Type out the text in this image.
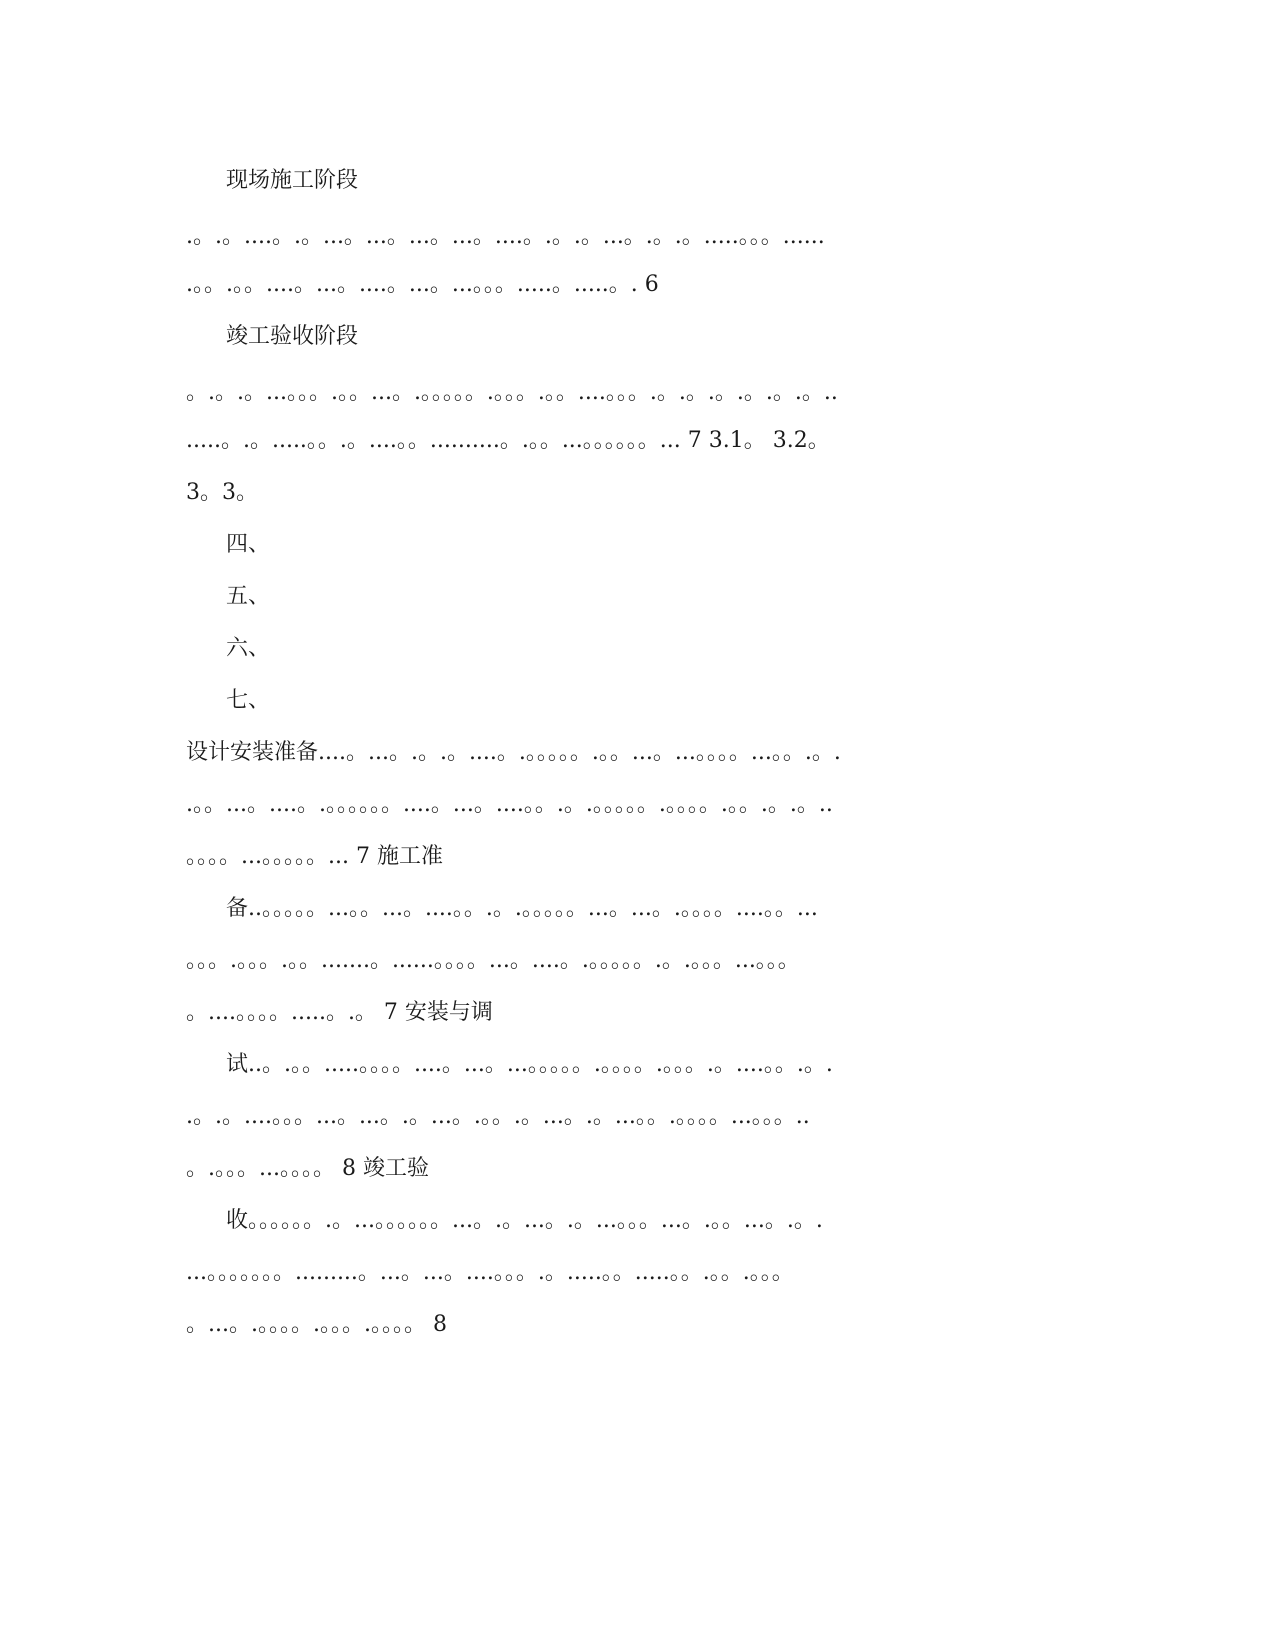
现场施工阶段
.。.。....。.。...。...。...。...。....。.。.。...。.。.。.....。。。......
.。。.。。....。...。....。...。...。。。.....。.....。. 6
竣工验收阶段
。.。.。...。。。.。。...。.。。。。。.。。。.。。....。。。.。.。.。.。.。.。..
.....。.。.....。。.。....。。..........。.。。...。。。。。。... 7 3.1。 3.2。
3。3。
四、
五、
六、
七、
设计安装准备....。...。.。.。....。.。。。。。.。。...。...。。。。...。。.。.
.。。...。....。.。。。。。。....。...。....。。.。.。。。。。.。。。。.。。.。.。..
。。。。...。。。。。... 7 施工准
备..。。。。。...。。...。....。。.。.。。。。。...。...。.。。。。....。。...
。。。.。。。.。。.......。......。。。。...。....。.。。。。。.。.。。。...。。。
。....。。。。.....。.。 7 安装与调
试..。.。。.....。。。。....。...。...。。。。。.。。。。.。。。.。....。。.。.
.。.。....。。。...。...。.。...。.。。.。...。.。...。。.。。。。...。。。..
。.。。。...。。。。 8 竣工验
收。。。。。。.。...。。。。。。...。.。...。.。...。。。...。.。。...。.。.
...。。。。。。。.........。...。...。....。。。.。.....。。.....。。.。。.。。。
。...。.。。。。.。。。.。。。。 8
